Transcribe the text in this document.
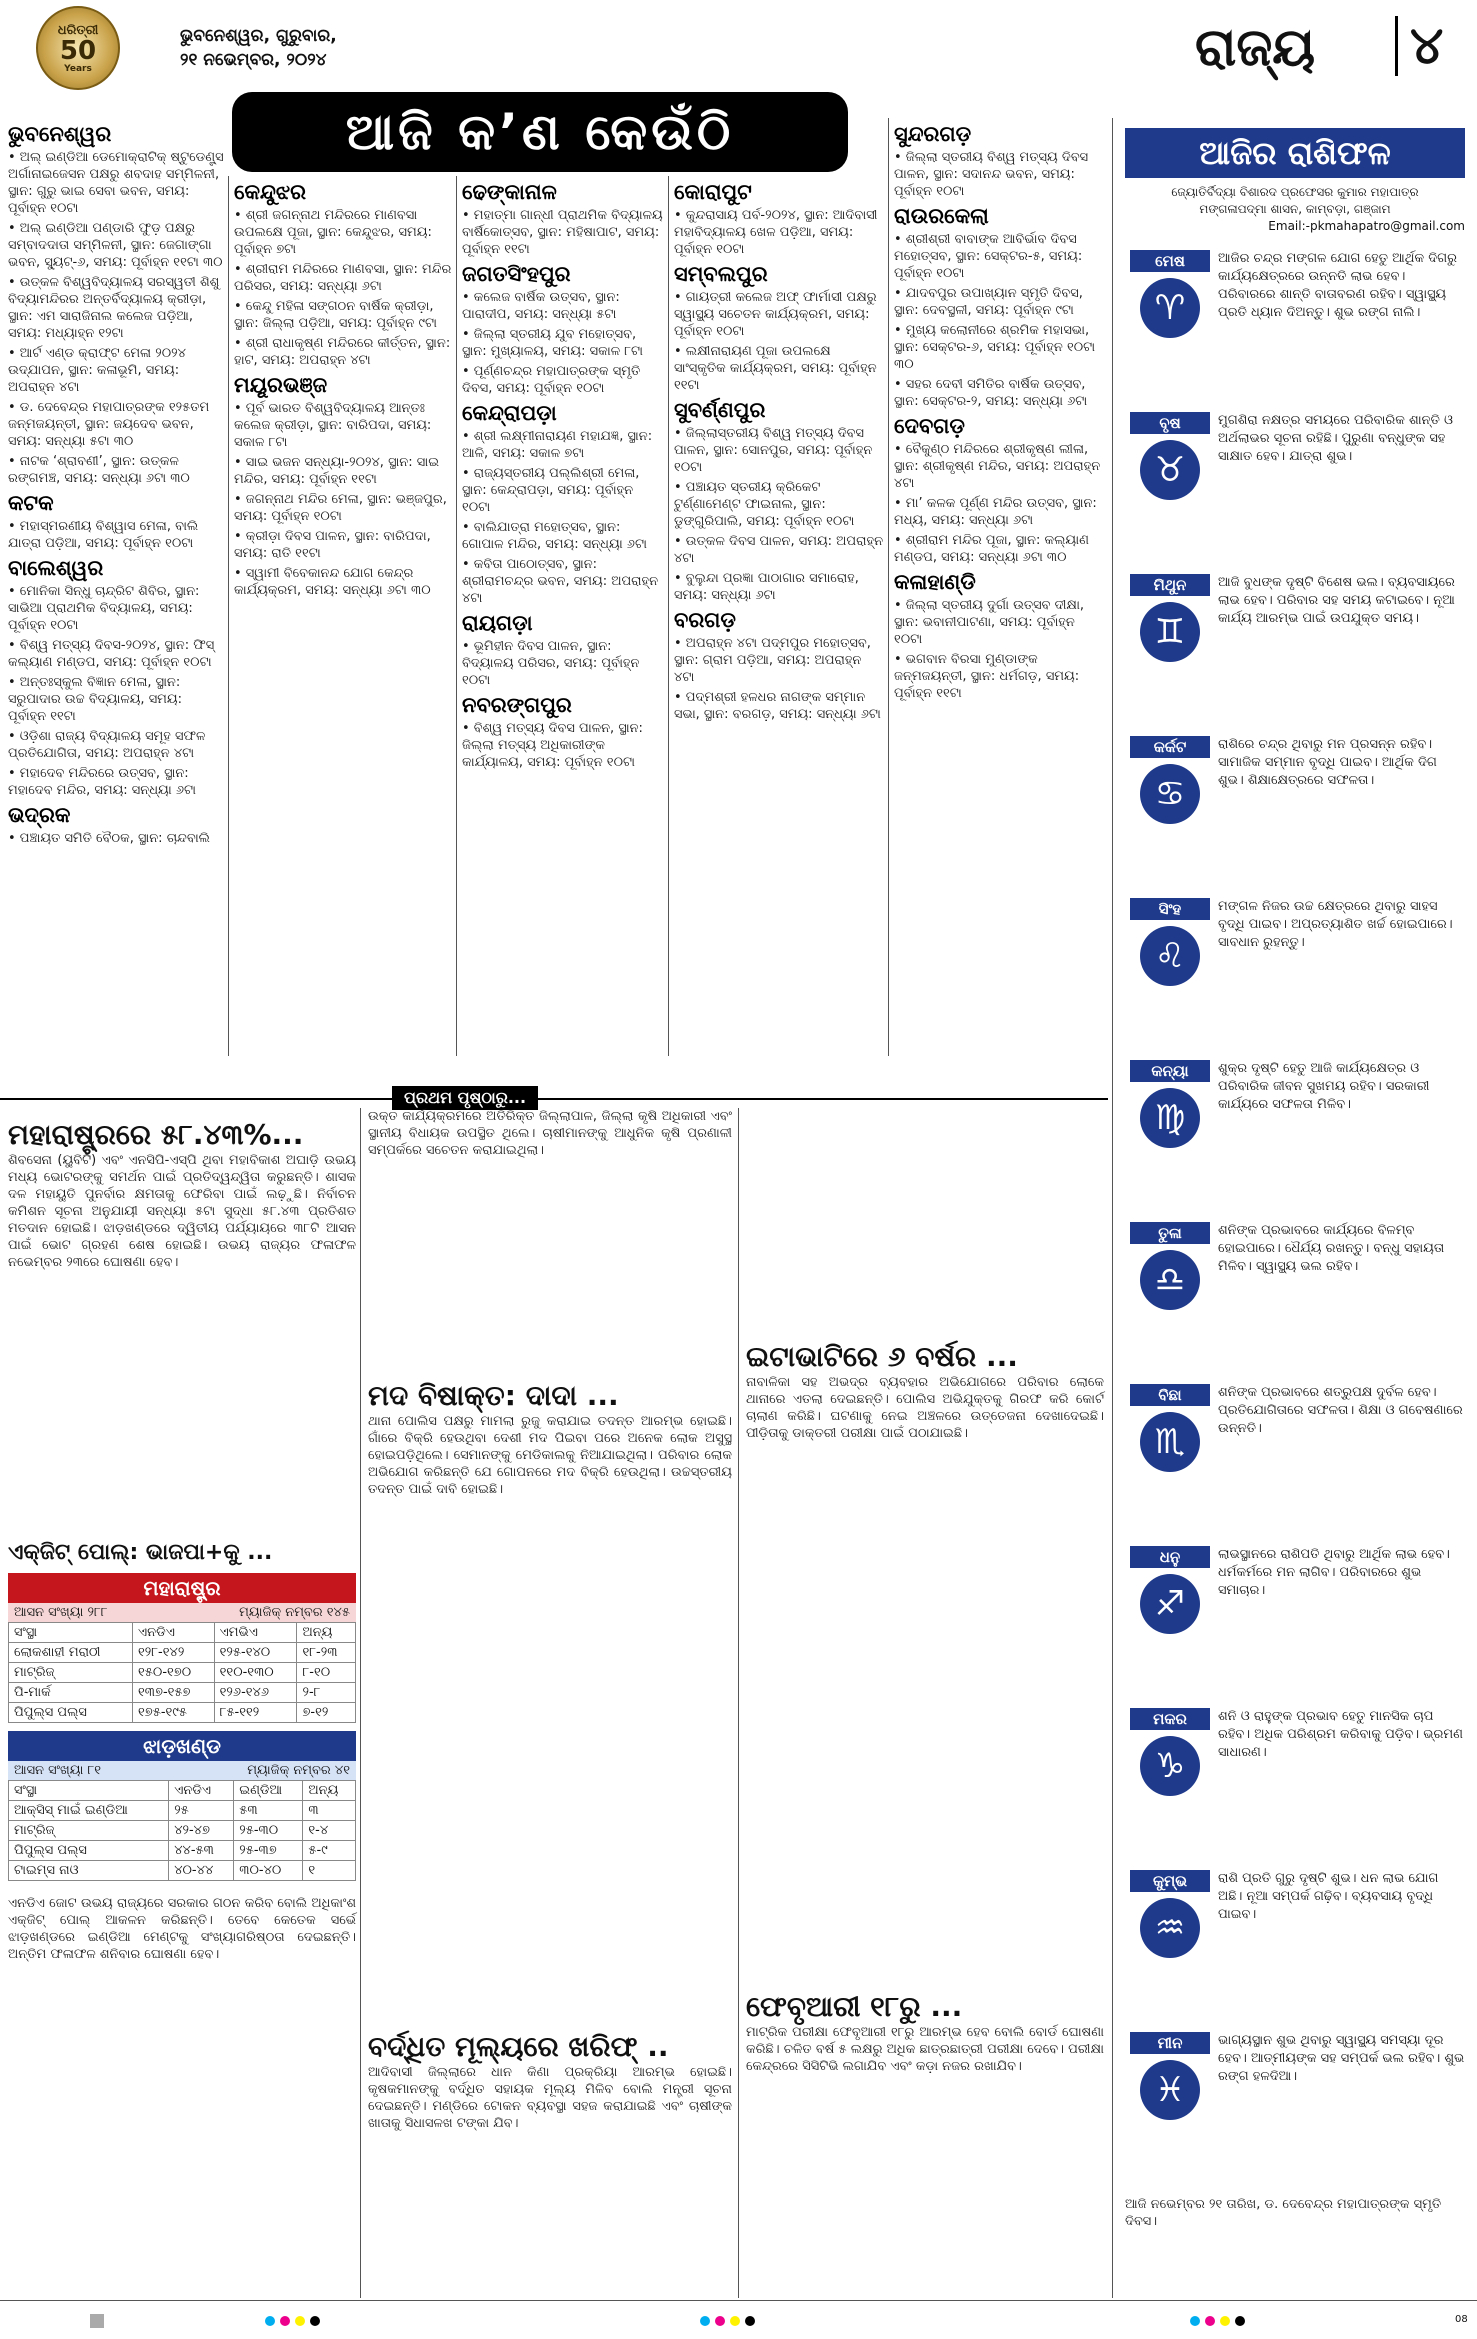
ଧରିତ୍ରୀ
50
Years
ଭୁବନେଶ୍ୱର, ଗୁରୁବାର,
୨୧ ନଭେମ୍ବର, ୨୦୨୪	ରାଜ୍ୟ ୪
ଆଜି କ’ଣ କେଉଁଠି
ଭୁବନେଶ୍ୱର

• ଅଲ୍ ଇଣ୍ଡିଆ ଡେମୋକ୍ରାଟିକ୍ ଷ୍ଟୁଡେଣ୍ଟ୍ସ ଅର୍ଗାନାଇଜେସନ ପକ୍ଷରୁ ଶବଦାହ ସମ୍ମିଳନୀ, ସ୍ଥାନ: ଗୁରୁ ଭାଇ ସେବା ଭବନ, ସମୟ: ପୂର୍ବାହ୍ନ ୧୦ଟା

• ଅଲ୍ ଇଣ୍ଡିଆ ପଣ୍ଡାରି ଫୁଡ଼ ପକ୍ଷରୁ ସମ୍ବାଦଦାତା ସମ୍ମିଳନୀ, ସ୍ଥାନ: ଜେଗାଙ୍ଗା ଭବନ, ସ୍ୟୁଟ୍-୬, ସମୟ: ପୂର୍ବାହ୍ନ ୧୧ଟା ୩୦

• ଉତ୍କଳ ବିଶ୍ୱବିଦ୍ୟାଳୟ ସରସ୍ୱତୀ ଶିଶୁ ବିଦ୍ୟାମନ୍ଦିରର ଅନ୍ତର୍ବିଦ୍ୟାଳୟ କ୍ରୀଡ଼ା, ସ୍ଥାନ: ଏମ ସାରାଜିନାଲ କଲେଜ ପଡ଼ିଆ, ସମୟ: ମଧ୍ୟାହ୍ନ ୧୨ଟା

• ଆର୍ଟ ଏଣ୍ଡ କ୍ରାଫ୍ଟ ମେଳା ୨୦୨୪ ଉଦ୍‌ଯାପନ, ସ୍ଥାନ: କଳାଭୂମି, ସମୟ: ଅପରାହ୍ନ ୪ଟା

• ଡ. ଦେବେନ୍ଦ୍ର ମହାପାତ୍ରଙ୍କ ୧୨୫ତମ ଜନ୍ମଜୟନ୍ତୀ, ସ୍ଥାନ: ଜୟଦେବ ଭବନ, ସମୟ: ସନ୍ଧ୍ୟା ୫ଟା ୩୦

• ନାଟକ ‘ଶ୍ରାବଣୀ’, ସ୍ଥାନ: ଉତ୍କଳ ରଙ୍ଗମଞ୍ଚ, ସମୟ: ସନ୍ଧ୍ୟା ୬ଟା ୩୦

କଟକ

• ମହାସ୍ମରଣୀୟ ବିଶ୍ୱାସ ମେଳା, ବାଲି ଯାତ୍ରା ପଡ଼ିଆ, ସମୟ: ପୂର୍ବାହ୍ନ ୧୦ଟା

ବାଲେଶ୍ୱର

• ମୋନିକା ସିନ୍ଧୁ ଚାନ୍ଦ୍ରିଟ ଶିବିର, ସ୍ଥାନ: ସାଭିଆ ପ୍ରାଥମିକ ବିଦ୍ୟାଳୟ, ସମୟ: ପୂର୍ବାହ୍ନ ୧୦ଟା

• ବିଶ୍ୱ ମତ୍ସ୍ୟ ଦିବସ-୨୦୨୪, ସ୍ଥାନ: ଫିସ୍ କଲ୍ୟାଣ ମଣ୍ଡପ, ସମୟ: ପୂର୍ବାହ୍ନ ୧୦ଟା

• ଅନ୍ତଃସ୍କୁଲ ବିଜ୍ଞାନ ମେଳା, ସ୍ଥାନ: ସରୁପାଦାର ଉଚ୍ଚ ବିଦ୍ୟାଳୟ, ସମୟ: ପୂର୍ବାହ୍ନ ୧୧ଟା

• ଓଡ଼ିଶା ରାଜ୍ୟ ବିଦ୍ୟାଳୟ ସମୂହ ସଫଳ ପ୍ରତିଯୋଗିତା, ସମୟ: ଅପରାହ୍ନ ୪ଟା

• ମହାଦେବ ମନ୍ଦିରରେ ଉତ୍ସବ, ସ୍ଥାନ: ମହାଦେବ ମନ୍ଦିର, ସମୟ: ସନ୍ଧ୍ୟା ୬ଟା

ଭଦ୍ରକ

• ପଞ୍ଚାୟତ ସମିତି ବୈଠକ, ସ୍ଥାନ: ଚାନ୍ଦବାଲି

କେନ୍ଦୁଝର

• ଶ୍ରୀ ଜଗନ୍ନାଥ ମନ୍ଦିରରେ ମାଣବସା ଉପଲକ୍ଷେ ପୂଜା, ସ୍ଥାନ: କେନ୍ଦୁଝର, ସମୟ: ପୂର୍ବାହ୍ନ ୭ଟା

• ଶ୍ରୀରାମ ମନ୍ଦିରରେ ମାଣବସା, ସ୍ଥାନ: ମନ୍ଦିର ପରିସର, ସମୟ: ସନ୍ଧ୍ୟା ୬ଟା

• କେନ୍ଦୁ ମହିଳା ସଙ୍ଗଠନ ବାର୍ଷିକ କ୍ରୀଡ଼ା, ସ୍ଥାନ: ଜିଲ୍ଲା ପଡ଼ିଆ, ସମୟ: ପୂର୍ବାହ୍ନ ୯ଟା

• ଶ୍ରୀ ରାଧାକୃଷ୍ଣ ମନ୍ଦିରରେ କୀର୍ତ୍ତନ, ସ୍ଥାନ: ହାଟ, ସମୟ: ଅପରାହ୍ନ ୪ଟା

ମୟୂରଭଞ୍ଜ

• ପୂର୍ବ ଭାରତ ବିଶ୍ୱବିଦ୍ୟାଳୟ ଆନ୍ତଃ କଲେଜ କ୍ରୀଡ଼ା, ସ୍ଥାନ: ବାରିପଦା, ସମୟ: ସକାଳ ୮ଟା

• ସାଇ ଭଜନ ସନ୍ଧ୍ୟା-୨୦୨୪, ସ୍ଥାନ: ସାଇ ମନ୍ଦିର, ସମୟ: ପୂର୍ବାହ୍ନ ୧୧ଟା

• ଜଗନ୍ନାଥ ମନ୍ଦିର ମେଳା, ସ୍ଥାନ: ଭଞ୍ଜପୁର, ସମୟ: ପୂର୍ବାହ୍ନ ୧୦ଟା

• କ୍ରୀଡ଼ା ଦିବସ ପାଳନ, ସ୍ଥାନ: ବାରିପଦା, ସମୟ: ରାତି ୧୧ଟା

• ସ୍ୱାମୀ ବିବେକାନନ୍ଦ ଯୋଗ କେନ୍ଦ୍ର କାର୍ଯ୍ୟକ୍ରମ, ସମୟ: ସନ୍ଧ୍ୟା ୬ଟା ୩୦

ଢେଙ୍କାନାଳ

• ମହାତ୍ମା ଗାନ୍ଧୀ ପ୍ରାଥମିକ ବିଦ୍ୟାଳୟ ବାର୍ଷିକୋତ୍ସବ, ସ୍ଥାନ: ମହିଷାପାଟ, ସମୟ: ପୂର୍ବାହ୍ନ ୧୧ଟା

ଜଗତସିଂହପୁର

• କଲେଜ ବାର୍ଷିକ ଉତ୍ସବ, ସ୍ଥାନ: ପାରାଦୀପ, ସମୟ: ସନ୍ଧ୍ୟା ୫ଟା

• ଜିଲ୍ଲା ସ୍ତରୀୟ ଯୁବ ମହୋତ୍ସବ, ସ୍ଥାନ: ମୁଖ୍ୟାଳୟ, ସମୟ: ସକାଳ ୮ଟା

• ପୂର୍ଣ୍ଣଚନ୍ଦ୍ର ମହାପାତ୍ରଙ୍କ ସ୍ମୃତି ଦିବସ, ସମୟ: ପୂର୍ବାହ୍ନ ୧୦ଟା

କେନ୍ଦ୍ରାପଡ଼ା

• ଶ୍ରୀ ଲକ୍ଷ୍ମୀନାରାୟଣ ମହାଯଜ୍ଞ, ସ୍ଥାନ: ଆଳି, ସମୟ: ସକାଳ ୭ଟା

• ରାଜ୍ୟସ୍ତରୀୟ ପଲ୍ଲିଶ୍ରୀ ମେଳା, ସ୍ଥାନ: କେନ୍ଦ୍ରାପଡ଼ା, ସମୟ: ପୂର୍ବାହ୍ନ ୧୦ଟା

• ବାଲିଯାତ୍ରା ମହୋତ୍ସବ, ସ୍ଥାନ: ଗୋପାଳ ମନ୍ଦିର, ସମୟ: ସନ୍ଧ୍ୟା ୬ଟା

• କବିତା ପାଠୋତ୍ସବ, ସ୍ଥାନ: ଶ୍ରୀରାମଚନ୍ଦ୍ର ଭବନ, ସମୟ: ଅପରାହ୍ନ ୪ଟା

ରାୟଗଡ଼ା

• ଭୂମିହୀନ ଦିବସ ପାଳନ, ସ୍ଥାନ: ବିଦ୍ୟାଳୟ ପରିସର, ସମୟ: ପୂର୍ବାହ୍ନ ୧୦ଟା

ନବରଙ୍ଗପୁର

• ବିଶ୍ୱ ମତ୍ସ୍ୟ ଦିବସ ପାଳନ, ସ୍ଥାନ: ଜିଲ୍ଲା ମତ୍ସ୍ୟ ଅଧିକାରୀଙ୍କ କାର୍ଯ୍ୟାଳୟ, ସମୟ: ପୂର୍ବାହ୍ନ ୧୦ଟା

କୋରାପୁଟ

• କୁନ୍ଦରାସାୟ ପର୍ବ-୨୦୨୪, ସ୍ଥାନ: ଆଦିବାସୀ ମହାବିଦ୍ୟାଳୟ ଖେଳ ପଡ଼ିଆ, ସମୟ: ପୂର୍ବାହ୍ନ ୧୦ଟା

ସମ୍ବଲପୁର

• ଗାୟତ୍ରୀ କଲେଜ ଅଫ୍ ଫାର୍ମାସୀ ପକ୍ଷରୁ ସ୍ୱାସ୍ଥ୍ୟ ସଚେତନ କାର୍ଯ୍ୟକ୍ରମ, ସମୟ: ପୂର୍ବାହ୍ନ ୧୦ଟା

• ଲକ୍ଷୀନାରାୟଣ ପୂଜା ଉପଲକ୍ଷେ ସାଂସ୍କୃତିକ କାର୍ଯ୍ୟକ୍ରମ, ସମୟ: ପୂର୍ବାହ୍ନ ୧୧ଟା

ସୁବର୍ଣ୍ଣପୁର

• ଜିଲ୍ଲାସ୍ତରୀୟ ବିଶ୍ୱ ମତ୍ସ୍ୟ ଦିବସ ପାଳନ, ସ୍ଥାନ: ସୋନପୁର, ସମୟ: ପୂର୍ବାହ୍ନ ୧୦ଟା

• ପଞ୍ଚାୟତ ସ୍ତରୀୟ କ୍ରିକେଟ ଟୁର୍ଣ୍ଣାମେଣ୍ଟ ଫାଇନାଲ, ସ୍ଥାନ: ଡୁଙ୍ଗୁରିପାଲି, ସମୟ: ପୂର୍ବାହ୍ନ ୧୦ଟା

• ଉତ୍କଳ ଦିବସ ପାଳନ, ସମୟ: ଅପରାହ୍ନ ୪ଟା

• ବୁଲୁନ୍ଦା ପ୍ରଜ୍ଞା ପାଠାଗାର ସମାରୋହ, ସମୟ: ସନ୍ଧ୍ୟା ୬ଟା

ବରଗଡ଼

• ଅପରାହ୍ନ ୪ଟା ପଦ୍ମପୁର ମହୋତ୍ସବ, ସ୍ଥାନ: ଗ୍ରାମ ପଡ଼ିଆ, ସମୟ: ଅପରାହ୍ନ ୪ଟା

• ପଦ୍ମଶ୍ରୀ ହଳଧର ନାଗଙ୍କ ସମ୍ମାନ ସଭା, ସ୍ଥାନ: ବରଗଡ଼, ସମୟ: ସନ୍ଧ୍ୟା ୬ଟା

ସୁନ୍ଦରଗଡ଼

• ଜିଲ୍ଲା ସ୍ତରୀୟ ବିଶ୍ୱ ମତ୍ସ୍ୟ ଦିବସ ପାଳନ, ସ୍ଥାନ: ସଦାନନ୍ଦ ଭବନ, ସମୟ: ପୂର୍ବାହ୍ନ ୧୦ଟା

ରାଉରକେଲା

• ଶ୍ରୀଶ୍ରୀ ବାବାଙ୍କ ଆବିର୍ଭାବ ଦିବସ ମହୋତ୍ସବ, ସ୍ଥାନ: ସେକ୍ଟର-୫, ସମୟ: ପୂର୍ବାହ୍ନ ୧୦ଟା

• ଯାଦବପୁର ଉପାଖ୍ୟାନ ସ୍ମୃତି ଦିବସ, ସ୍ଥାନ: ଦେବସ୍ଥଳୀ, ସମୟ: ପୂର୍ବାହ୍ନ ୯ଟା

• ମୁଖ୍ୟ କଲୋନୀରେ ଶ୍ରମିକ ମହାସଭା, ସ୍ଥାନ: ସେକ୍ଟର-୬, ସମୟ: ପୂର୍ବାହ୍ନ ୧୦ଟା ୩୦

• ସହର ଦେବୀ ସମିତିର ବାର୍ଷିକ ଉତ୍ସବ, ସ୍ଥାନ: ସେକ୍ଟର-୨, ସମୟ: ସନ୍ଧ୍ୟା ୬ଟା

ଦେବଗଡ଼

• ବୈକୁଣ୍ଠ ମନ୍ଦିରରେ ଶ୍ରୀକୃଷ୍ଣ ଲୀଳା, ସ୍ଥାନ: ଶ୍ରୀକୃଷ୍ଣ ମନ୍ଦିର, ସମୟ: ଅପରାହ୍ନ ୪ଟା

• ମା’ କଳକ ପୂର୍ଣ୍ଣ ମନ୍ଦିର ଉତ୍ସବ, ସ୍ଥାନ: ମଧ୍ୟ, ସମୟ: ସନ୍ଧ୍ୟା ୬ଟା

• ଶ୍ରୀରାମ ମନ୍ଦିର ପୂଜା, ସ୍ଥାନ: କଲ୍ୟାଣ ମଣ୍ଡପ, ସମୟ: ସନ୍ଧ୍ୟା ୬ଟା ୩୦

କଳାହାଣ୍ଡି

• ଜିଲ୍ଲା ସ୍ତରୀୟ ଦୁର୍ଗା ଉତ୍ସବ ଦୀକ୍ଷା, ସ୍ଥାନ: ଭବାନୀପାଟଣା, ସମୟ: ପୂର୍ବାହ୍ନ ୧୦ଟା

• ଭଗବାନ ବିରସା ମୁଣ୍ଡାଙ୍କ ଜନ୍ମଜୟନ୍ତୀ, ସ୍ଥାନ: ଧର୍ମଗଡ଼, ସମୟ: ପୂର୍ବାହ୍ନ ୧୧ଟା

ଆଜିର ରାଶିଫଳ
ଜ୍ୟୋତିର୍ବିଦ୍ୟା ବିଶାରଦ ପ୍ରଫେସର କୁମାର ମହାପାତ୍ର
ମଙ୍ଗଳାପଦ୍ମା ଶାସନ, କାମ୍ବଡ଼ା, ଗଞ୍ଜାମ
Email:-pkmahapatro@gmail.com
ମେଷ
♈
ଆଜିର ଚନ୍ଦ୍ର ମଙ୍ଗଳ ଯୋଗ ହେତୁ ଆର୍ଥିକ ଦିଗରୁ କାର୍ଯ୍ୟକ୍ଷେତ୍ରରେ ଉନ୍ନତି ଲାଭ ହେବ। ପରିବାରରେ ଶାନ୍ତି ବାତାବରଣ ରହିବ। ସ୍ୱାସ୍ଥ୍ୟ ପ୍ରତି ଧ୍ୟାନ ଦିଅନ୍ତୁ। ଶୁଭ ରଙ୍ଗ ନାଲି।
ବୃଷ
♉
ମୁଗଶିରା ନକ୍ଷତ୍ର ସମୟରେ ପରିବାରିକ ଶାନ୍ତି ଓ ଅର୍ଥଲାଭର ସୂଚନା ରହିଛି। ପୁରୁଣା ବନ୍ଧୁଙ୍କ ସହ ସାକ୍ଷାତ ହେବ। ଯାତ୍ରା ଶୁଭ।
ମିଥୁନ
♊
ଆଜି ବୁଧଙ୍କ ଦୃଷ୍ଟି ବିଶେଷ ଭଲ। ବ୍ୟବସାୟରେ ଲାଭ ହେବ। ପରିବାର ସହ ସମୟ କଟାଇବେ। ନୂଆ କାର୍ଯ୍ୟ ଆରମ୍ଭ ପାଇଁ ଉପଯୁକ୍ତ ସମୟ।
କର୍କଟ
♋
ରାଶିରେ ଚନ୍ଦ୍ର ଥିବାରୁ ମନ ପ୍ରସନ୍ନ ରହିବ। ସାମାଜିକ ସମ୍ମାନ ବୃଦ୍ଧି ପାଇବ। ଆର୍ଥିକ ଦିଗ ଶୁଭ। ଶିକ୍ଷାକ୍ଷେତ୍ରରେ ସଫଳତା।
ସିଂହ
♌
ମଙ୍ଗଳ ନିଜର ଉଚ୍ଚ କ୍ଷେତ୍ରରେ ଥିବାରୁ ସାହସ ବୃଦ୍ଧି ପାଇବ। ଅପ୍ରତ୍ୟାଶିତ ଖର୍ଚ୍ଚ ହୋଇପାରେ। ସାବଧାନ ରୁହନ୍ତୁ।
କନ୍ୟା
♍
ଶୁକ୍ର ଦୃଷ୍ଟି ହେତୁ ଆଜି କାର୍ଯ୍ୟକ୍ଷେତ୍ର ଓ ପରିବାରିକ ଜୀବନ ସୁଖମୟ ରହିବ। ସରକାରୀ କାର୍ଯ୍ୟରେ ସଫଳତା ମିଳିବ।
ତୁଳା
♎
ଶନିଙ୍କ ପ୍ରଭାବରେ କାର୍ଯ୍ୟରେ ବିଳମ୍ବ ହୋଇପାରେ। ଧୈର୍ଯ୍ୟ ରଖନ୍ତୁ। ବନ୍ଧୁ ସହାୟତା ମିଳିବ। ସ୍ୱାସ୍ଥ୍ୟ ଭଲ ରହିବ।
ବିଛା
♏
ଶନିଙ୍କ ପ୍ରଭାବରେ ଶତ୍ରୁପକ୍ଷ ଦୁର୍ବଳ ହେବ। ପ୍ରତିଯୋଗିତାରେ ସଫଳତା। ଶିକ୍ଷା ଓ ଗବେଷଣାରେ ଉନ୍ନତି।
ଧନୁ
♐
ଲାଭସ୍ଥାନରେ ରାଶିପତି ଥିବାରୁ ଆର୍ଥିକ ଲାଭ ହେବ। ଧର୍ମକର୍ମରେ ମନ ଲାଗିବ। ପରିବାରରେ ଶୁଭ ସମାଚାର।
ମକର
♑
ଶନି ଓ ରାହୁଙ୍କ ପ୍ରଭାବ ହେତୁ ମାନସିକ ଚାପ ରହିବ। ଅଧିକ ପରିଶ୍ରମ କରିବାକୁ ପଡ଼ିବ। ଭ୍ରମଣ ସାଧାରଣ।
କୁମ୍ଭ
♒
ରାଶି ପ୍ରତି ଗୁରୁ ଦୃଷ୍ଟି ଶୁଭ। ଧନ ଲାଭ ଯୋଗ ଅଛି। ନୂଆ ସମ୍ପର୍କ ଗଢ଼ିବ। ବ୍ୟବସାୟ ବୃଦ୍ଧି ପାଇବ।
ମୀନ
♓
ଭାଗ୍ୟସ୍ଥାନ ଶୁଭ ଥିବାରୁ ସ୍ୱାସ୍ଥ୍ୟ ସମସ୍ୟା ଦୂର ହେବ। ଆତ୍ମୀୟଙ୍କ ସହ ସମ୍ପର୍କ ଭଲ ରହିବ। ଶୁଭ ରଙ୍ଗ ହଳଦିଆ।
ଆଜି ନଭେମ୍ବର ୨୧ ତାରିଖ, ଡ. ଦେବେନ୍ଦ୍ର ମହାପାତ୍ରଙ୍କ ସ୍ମୃତି ଦିବସ।
ପ୍ରଥମ ପୃଷ୍ଠାରୁ...
ମହାରାଷ୍ଟ୍ରରେ ୫୮.୪୩%...
ଶିବସେନା (ୟୁବିଟି) ଏବଂ ଏନସିପି-ଏସ୍‌ପି ଥିବା ମହାବିକାଶ ଅଘାଡ଼ି ଉଭୟ ମଧ୍ୟ ଭୋଟରଙ୍କୁ ସମର୍ଥନ ପାଇଁ ପ୍ରତିଦ୍ୱନ୍ଦ୍ୱିତା କରୁଛନ୍ତି। ଶାସକ ଦଳ ମହାୟୁତି ପୁନର୍ବାର କ୍ଷମତାକୁ ଫେରିବା ପାଇଁ ଲଢ଼ୁଛି। ନିର୍ବାଚନ କମିଶନ ସୂଚନା ଅନୁଯାୟୀ ସନ୍ଧ୍ୟା ୫ଟା ସୁଦ୍ଧା ୫୮.୪୩ ପ୍ରତିଶତ ମତଦାନ ହୋଇଛି। ଝାଡ଼ଖଣ୍ଡରେ ଦ୍ୱିତୀୟ ପର୍ଯ୍ୟାୟରେ ୩୮ଟି ଆସନ ପାଇଁ ଭୋଟ ଗ୍ରହଣ ଶେଷ ହୋଇଛି। ଉଭୟ ରାଜ୍ୟର ଫଳାଫଳ ନଭେମ୍ବର ୨୩ରେ ଘୋଷଣା ହେବ।
ଏକ୍‌ଜିଟ୍ ପୋଲ୍: ଭାଜପା+କୁ ...
ମହାରାଷ୍ଟ୍ର
ଆସନ ସଂଖ୍ୟା ୨୮୮	ମ୍ୟାଜିକ୍ ନମ୍ବର ୧୪୫
ସଂସ୍ଥା	ଏନଡିଏ	ଏମଭିଏ	ଅନ୍ୟ
ଲୋକଶାହୀ ମରାଠୀ	୧୨୮-୧୪୨	୧୨୫-୧୪୦	୧୮-୨୩
ମାଟ୍ରିଜ୍	୧୫୦-୧୭୦	୧୧୦-୧୩୦	୮-୧୦
ପି-ମାର୍କ	୧୩୭-୧୫୭	୧୨୬-୧୪୬	୨-୮
ପିପୁଲ୍ସ ପଲ୍ସ	୧୭୫-୧୯୫	୮୫-୧୧୨	୭-୧୨
ଝାଡ଼ଖଣ୍ଡ
ଆସନ ସଂଖ୍ୟା ୮୧	ମ୍ୟାଜିକ୍ ନମ୍ବର ୪୧
ସଂସ୍ଥା	ଏନଡିଏ	ଇଣ୍ଡିଆ	ଅନ୍ୟ
ଆକ୍ସିସ୍ ମାଇଁ ଇଣ୍ଡିଆ	୨୫	୫୩	୩
ମାଟ୍ରିଜ୍	୪୨-୪୭	୨୫-୩୦	୧-୪
ପିପୁଲ୍ସ ପଲ୍ସ	୪୪-୫୩	୨୫-୩୭	୫-୯
ଟାଇମ୍ସ ନାଓ	୪୦-୪୪	୩୦-୪୦	୧
ଏନଡିଏ ଜୋଟ ଉଭୟ ରାଜ୍ୟରେ ସରକାର ଗଠନ କରିବ ବୋଲି ଅଧିକାଂଶ ଏକ୍‌ଜିଟ୍ ପୋଲ୍ ଆକଳନ କରିଛନ୍ତି। ତେବେ କେତେକ ସର୍ଭେ ଝାଡ଼ଖଣ୍ଡରେ ଇଣ୍ଡିଆ ମେଣ୍ଟକୁ ସଂଖ୍ୟାଗରିଷ୍ଠତା ଦେଇଛନ୍ତି। ଅନ୍ତିମ ଫଳାଫଳ ଶନିବାର ଘୋଷଣା ହେବ।
ଉକ୍ତ କାର୍ଯ୍ୟକ୍ରମରେ ଅତିରିକ୍ତ ଜିଲ୍ଲାପାଳ, ଜିଲ୍ଲା କୃଷି ଅଧିକାରୀ ଏବଂ ସ୍ଥାନୀୟ ବିଧାୟକ ଉପସ୍ଥିତ ଥିଲେ। ଚାଷୀମାନଙ୍କୁ ଆଧୁନିକ କୃଷି ପ୍ରଣାଳୀ ସମ୍ପର୍କରେ ସଚେତନ କରାଯାଇଥିଲା।
ମଦ ବିଷାକ୍ତ: ଦାଦା ...
ଥାନା ପୋଲିସ ପକ୍ଷରୁ ମାମଲା ରୁଜୁ କରାଯାଇ ତଦନ୍ତ ଆରମ୍ଭ ହୋଇଛି। ଗାଁରେ ବିକ୍ରି ହେଉଥିବା ଦେଶୀ ମଦ ପିଇବା ପରେ ଅନେକ ଲୋକ ଅସୁସ୍ଥ ହୋଇପଡ଼ିଥିଲେ। ସେମାନଙ୍କୁ ମେଡିକାଲକୁ ନିଆଯାଇଥିଲା। ପରିବାର ଲୋକ ଅଭିଯୋଗ କରିଛନ୍ତି ଯେ ଗୋପନରେ ମଦ ବିକ୍ରି ହେଉଥିଲା। ଉଚ୍ଚସ୍ତରୀୟ ତଦନ୍ତ ପାଇଁ ଦାବି ହୋଇଛି।
ବର୍ଦ୍ଧିତ ମୂଲ୍ୟରେ ଖରିଫ୍ ..
ଆଦିବାସୀ ଜିଲ୍ଲାରେ ଧାନ କିଣା ପ୍ରକ୍ରିୟା ଆରମ୍ଭ ହୋଇଛି। କୃଷକମାନଙ୍କୁ ବର୍ଦ୍ଧିତ ସହାୟକ ମୂଲ୍ୟ ମିଳିବ ବୋଲି ମନ୍ତ୍ରୀ ସୂଚନା ଦେଇଛନ୍ତି। ମଣ୍ଡିରେ ଟୋକନ ବ୍ୟବସ୍ଥା ସହଜ କରାଯାଇଛି ଏବଂ ଚାଷୀଙ୍କ ଖାତାକୁ ସିଧାସଳଖ ଟଙ୍କା ଯିବ।
ଇଟାଭାଟିରେ ୬ ବର୍ଷର ...
ନାବାଳିକା ସହ ଅଭଦ୍ର ବ୍ୟବହାର ଅଭିଯୋଗରେ ପରିବାର ଲୋକେ ଥାନାରେ ଏତଲା ଦେଇଛନ୍ତି। ପୋଲିସ ଅଭିଯୁକ୍ତକୁ ଗିରଫ କରି କୋର୍ଟ ଚାଲାଣ କରିଛି। ଘଟଣାକୁ ନେଇ ଅଞ୍ଚଳରେ ଉତ୍ତେଜନା ଦେଖାଦେଇଛି। ପୀଡ଼ିତାକୁ ଡାକ୍ତରୀ ପରୀକ୍ଷା ପାଇଁ ପଠାଯାଇଛି।
ଫେବୃଆରୀ ୧୮ରୁ ...
ମାଟ୍ରିକ ପରୀକ୍ଷା ଫେବୃଆରୀ ୧୮ରୁ ଆରମ୍ଭ ହେବ ବୋଲି ବୋର୍ଡ ଘୋଷଣା କରିଛି। ଚଳିତ ବର୍ଷ ୫ ଲକ୍ଷରୁ ଅଧିକ ଛାତ୍ରଛାତ୍ରୀ ପରୀକ୍ଷା ଦେବେ। ପରୀକ୍ଷା କେନ୍ଦ୍ରରେ ସିସିଟିଭି ଲଗାଯିବ ଏବଂ କଡ଼ା ନଜର ରଖାଯିବ।
08
